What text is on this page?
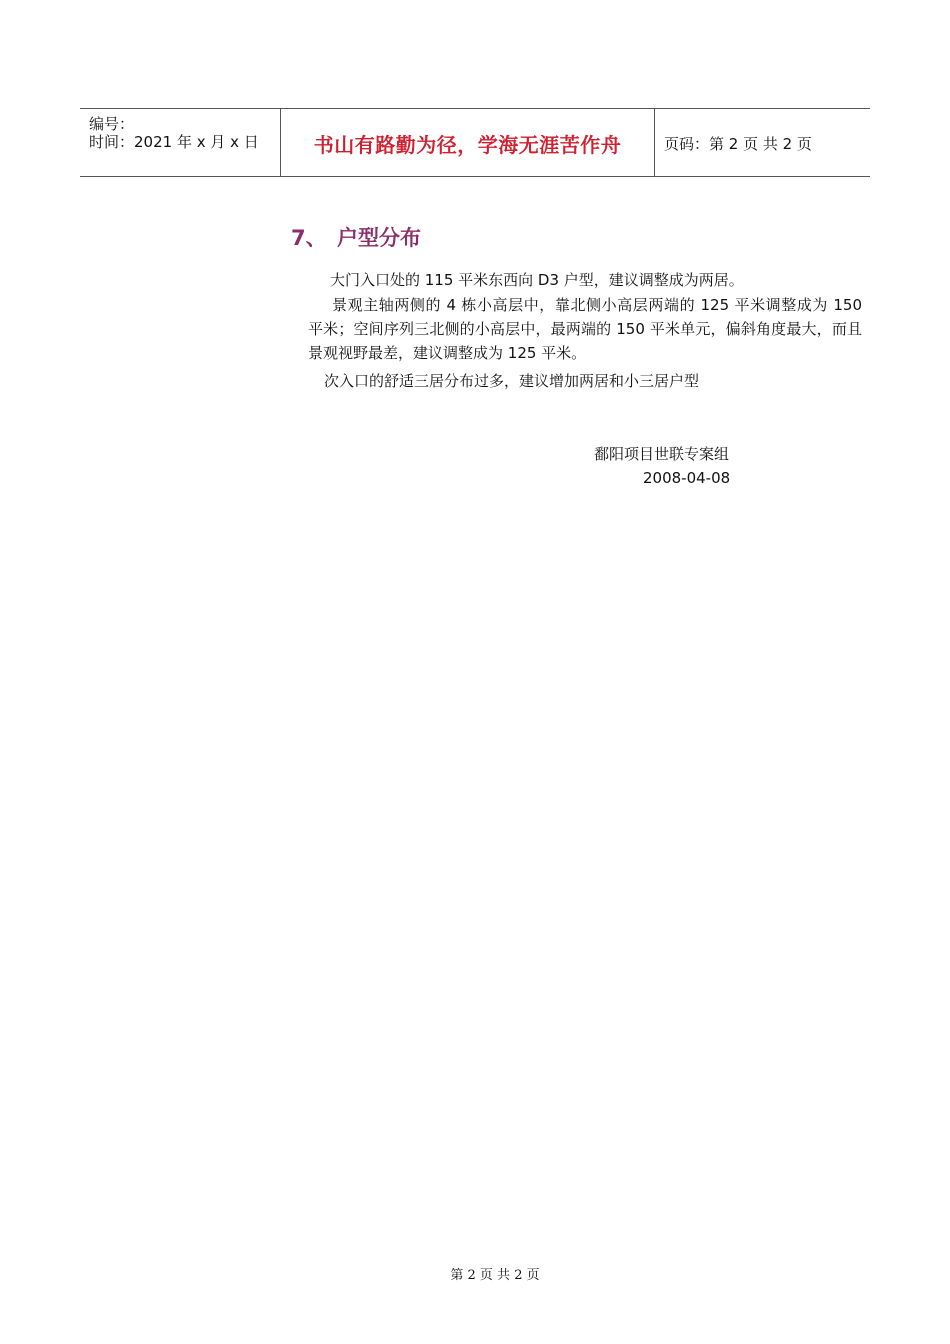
编号：
时间：2021 年 x 月 x 日	书山有路勤为径，学海无涯苦作舟	页码：第 2 页 共 2 页
7、 户型分布
大门入口处的 115 平米东西向 D3 户型，建议调整成为两居。
景观主轴两侧的 4 栋小高层中，靠北侧小高层两端的 125 平米调整成为 150 平米；空间序列三北侧的小高层中，最两端的 150 平米单元，偏斜角度最大，而且景观视野最差，建议调整成为 125 平米。
次入口的舒适三居分布过多，建议增加两居和小三居户型
鄱阳项目世联专案组
2008-04-08
第 2 页 共 2 页
